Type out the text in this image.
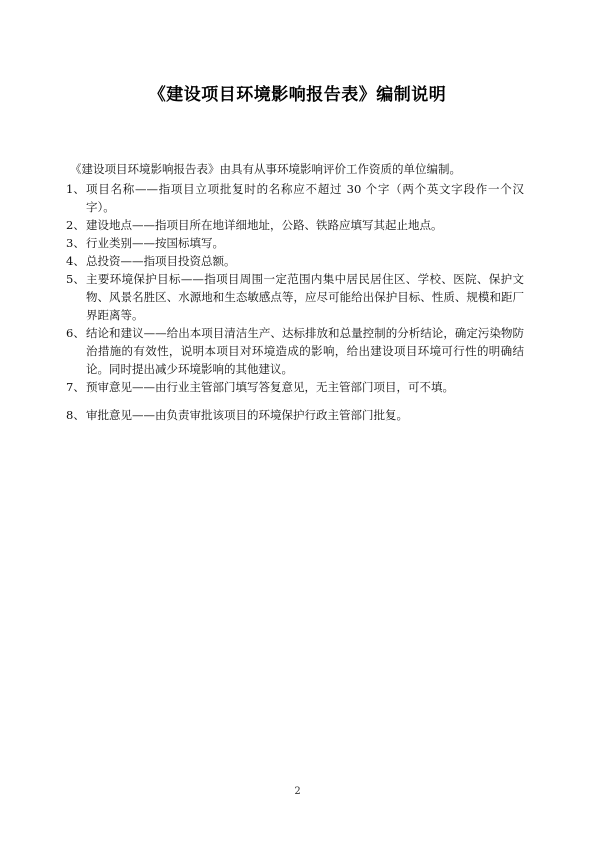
《建设项目环境影响报告表》编制说明
《建设项目环境影响报告表》由具有从事环境影响评价工作资质的单位编制。
1、 项目名称——指项目立项批复时的名称应不超过 30 个字（两个英文字段作一个汉字）。
2、 建设地点——指项目所在地详细地址，公路、铁路应填写其起止地点。
3、 行业类别——按国标填写。
4、 总投资——指项目投资总额。
5、 主要环境保护目标——指项目周围一定范围内集中居民居住区、学校、医院、保护文物、风景名胜区、水源地和生态敏感点等，应尽可能给出保护目标、性质、规模和距厂界距离等。
6、 结论和建议——给出本项目清洁生产、达标排放和总量控制的分析结论，确定污染物防治措施的有效性，说明本项目对环境造成的影响，给出建设项目环境可行性的明确结论。同时提出减少环境影响的其他建议。
7、 预审意见——由行业主管部门填写答复意见，无主管部门项目，可不填。
8、 审批意见——由负责审批该项目的环境保护行政主管部门批复。
2
